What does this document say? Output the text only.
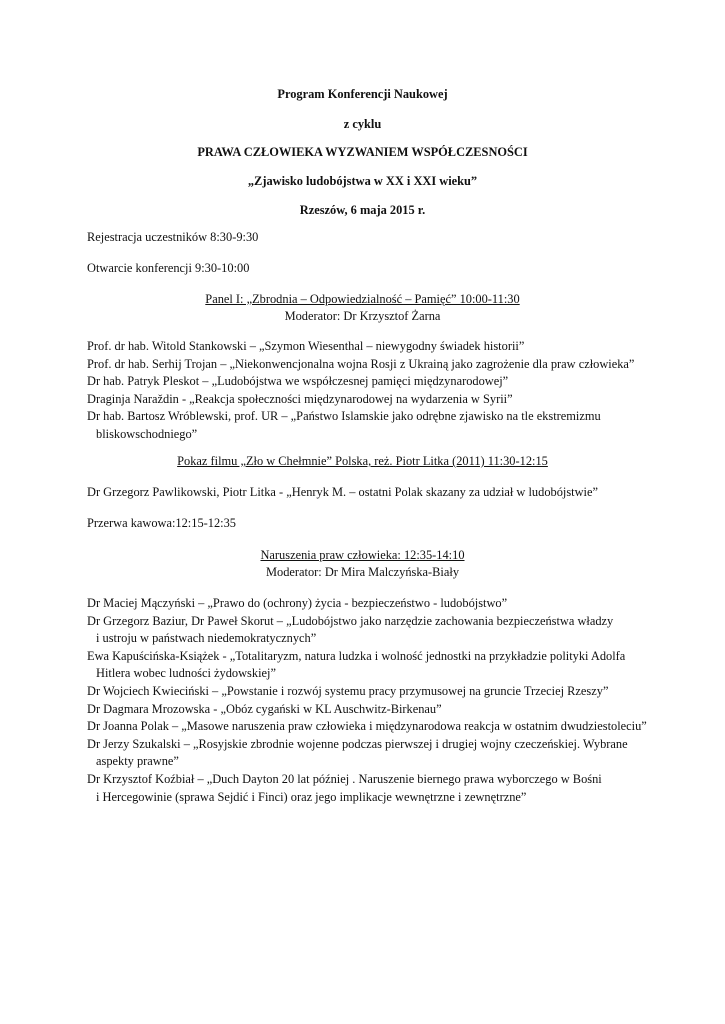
Program Konferencji Naukowej
z cyklu
PRAWA CZŁOWIEKA WYZWANIEM WSPÓŁCZESNOŚCI
„Zjawisko ludobójstwa w XX i XXI wieku”
Rzeszów, 6 maja 2015 r.
Rejestracja uczestników 8:30-9:30
Otwarcie konferencji 9:30-10:00
Panel I: „Zbrodnia – Odpowiedzialność – Pamięć” 10:00-11:30
Moderator: Dr Krzysztof Żarna
Prof. dr hab. Witold Stankowski – „Szymon Wiesenthal – niewygodny świadek historii”
Prof. dr hab. Serhij Trojan – „Niekonwencjonalna wojna Rosji z Ukrainą jako zagrożenie dla praw człowieka”
Dr hab. Patryk Pleskot – „Ludobójstwa we współczesnej pamięci międzynarodowej”
Draginja Naraždin - „Reakcja społeczności międzynarodowej na wydarzenia w Syrii”
Dr hab. Bartosz Wróblewski, prof. UR – „Państwo Islamskie jako odrębne zjawisko na tle ekstremizmu
bliskowschodniego”
Pokaz filmu „Zło w Chełmnie” Polska, reż. Piotr Litka (2011) 11:30-12:15
Dr Grzegorz Pawlikowski, Piotr Litka - „Henryk M. – ostatni Polak skazany za udział w ludobójstwie”
Przerwa kawowa:12:15-12:35
Naruszenia praw człowieka: 12:35-14:10
Moderator: Dr Mira Malczyńska-Biały
Dr Maciej Mączyński – „Prawo do (ochrony) życia - bezpieczeństwo - ludobójstwo”
Dr Grzegorz Baziur, Dr Paweł Skorut – „Ludobójstwo jako narzędzie zachowania bezpieczeństwa władzy
i ustroju w państwach niedemokratycznych”
Ewa Kapuścińska-Książek - „Totalitaryzm, natura ludzka i wolność jednostki na przykładzie polityki Adolfa
Hitlera wobec ludności żydowskiej”
Dr Wojciech Kwieciński – „Powstanie i rozwój systemu pracy przymusowej na gruncie Trzeciej Rzeszy”
Dr Dagmara Mrozowska - „Obóz cygański w KL Auschwitz-Birkenau”
Dr Joanna Polak – „Masowe naruszenia praw człowieka i międzynarodowa reakcja w ostatnim dwudziestoleciu”
Dr Jerzy Szukalski – „Rosyjskie zbrodnie wojenne podczas pierwszej i drugiej wojny czeczeńskiej. Wybrane
aspekty prawne”
Dr Krzysztof Koźbiał – „Duch Dayton 20 lat później . Naruszenie biernego prawa wyborczego w Bośni
i Hercegowinie (sprawa Sejdić i Finci) oraz jego implikacje wewnętrzne i zewnętrzne”
